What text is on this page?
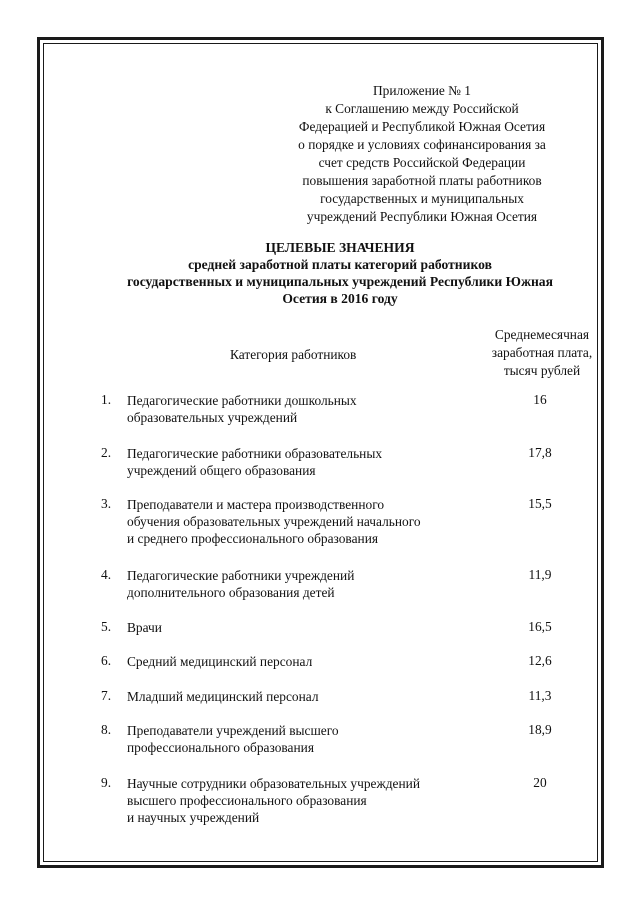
Приложение № 1
к Соглашению между Российской
Федерацией и Республикой Южная Осетия
о порядке и условиях софинансирования за
счет средств Российской Федерации
повышения заработной платы работников
государственных и муниципальных
учреждений Республики Южная Осетия
ЦЕЛЕВЫЕ ЗНАЧЕНИЯ
средней заработной платы категорий работников
государственных и муниципальных учреждений Республики Южная
Осетия в 2016 году
Категория работников
Среднемесячная
заработная плата,
тысяч рублей
1. Педагогические работники дошкольных
образовательных учреждений
16
2. Педагогические работники образовательных
учреждений общего образования
17,8
3. Преподаватели и мастера производственного
обучения образовательных учреждений начального
и среднего профессионального образования
15,5
4. Педагогические работники учреждений
дополнительного образования детей
11,9
5. Врачи	16,5
6. Средний медицинский персонал	12,6
7. Младший медицинский персонал	11,3
8. Преподаватели учреждений высшего
профессионального образования
18,9
9. Научные сотрудники образовательных учреждений
высшего профессионального образования
и научных учреждений
20
